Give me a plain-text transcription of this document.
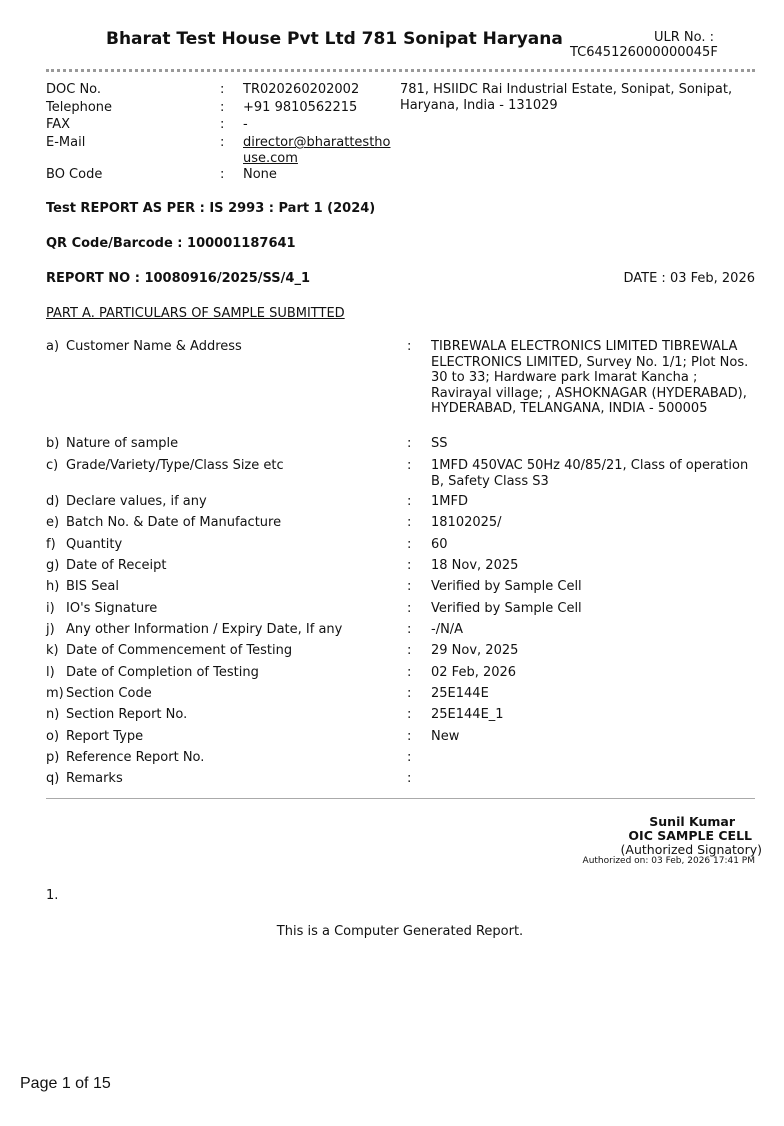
Bharat Test House Pvt Ltd 781 Sonipat Haryana	ULR No. :
TC645126000000045F
DOC No.	: TR020260202002
Telephone	: +91 9810562215
FAX	: -
E-Mail	: director@bharattesthouse.com
BO Code	: None
781, HSIIDC Rai Industrial Estate, Sonipat, Sonipat, Haryana, India - 131029
Test REPORT AS PER : IS 2993 : Part 1 (2024)
QR Code/Barcode : 100001187641
REPORT NO : 10080916/2025/SS/4_1	DATE : 03 Feb, 2026
PART A. PARTICULARS OF SAMPLE SUBMITTED
a) Customer Name & Address	: TIBREWALA ELECTRONICS LIMITED TIBREWALA ELECTRONICS LIMITED, Survey No. 1/1; Plot Nos. 30 to 33; Hardware park Imarat Kancha ; Ravirayal village; , ASHOKNAGAR (HYDERABAD), HYDERABAD, TELANGANA, INDIA - 500005
b) Nature of sample	: SS
c) Grade/Variety/Type/Class Size etc	: 1MFD 450VAC 50Hz 40/85/21, Class of operation B, Safety Class S3
d) Declare values, if any	: 1MFD
e) Batch No. & Date of Manufacture	: 18102025/
f) Quantity	: 60
g) Date of Receipt	: 18 Nov, 2025
h) BIS Seal	: Verified by Sample Cell
i) IO's Signature	: Verified by Sample Cell
j) Any other Information / Expiry Date, If any	: -/N/A
k) Date of Commencement of Testing	: 29 Nov, 2025
l) Date of Completion of Testing	: 02 Feb, 2026
m) Section Code	: 25E144E
n) Section Report No.	: 25E144E_1
o) Report Type	: New
p) Reference Report No.	:
q) Remarks	:
Sunil Kumar
OIC SAMPLE CELL
(Authorized Signatory)
Authorized on: 03 Feb, 2026 17:41 PM
1.
This is a Computer Generated Report.
Page 1 of 15
